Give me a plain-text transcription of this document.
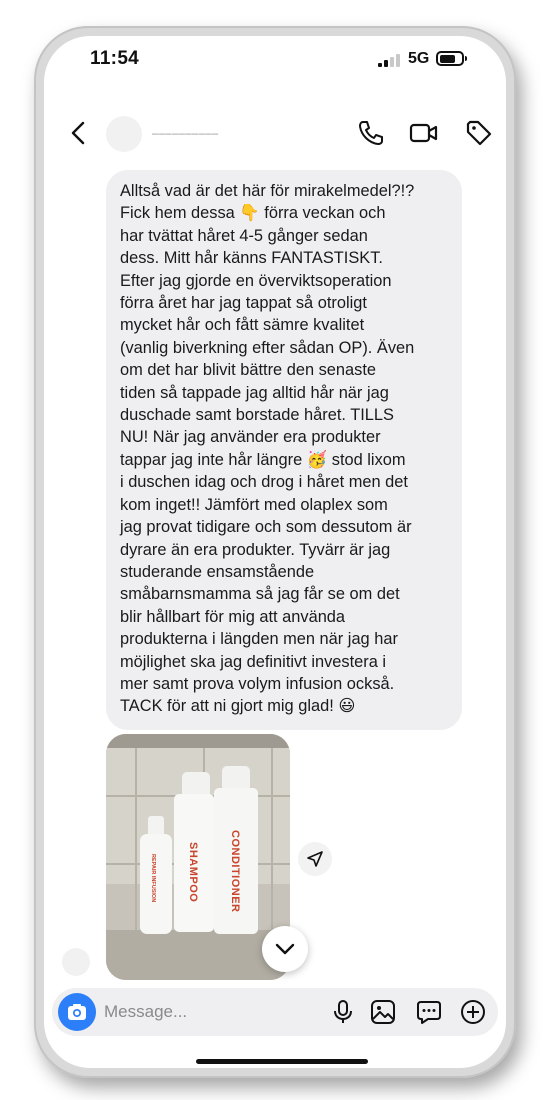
11:54	5G
▔▔▔▔▔▔▔▔▔▔
Alltså vad är det här för mirakelmedel?!?
Fick hem dessa 👇 förra veckan och
har tvättat håret 4-5 gånger sedan
dess. Mitt hår känns FANTASTISKT.
Efter jag gjorde en överviktsoperation
förra året har jag tappat så otroligt
mycket hår och fått sämre kvalitet
(vanlig biverkning efter sådan OP). Även
om det har blivit bättre den senaste
tiden så tappade jag alltid hår när jag
duschade samt borstade håret. TILLS
NU! När jag använder era produkter
tappar jag inte hår längre 🥳 stod lixom
i duschen idag och drog i håret men det
kom inget!! Jämfört med olaplex som
jag provat tidigare och som dessutom är
dyrare än era produkter. Tyvärr är jag
studerande ensamstående
småbarnsmamma så jag får se om det
blir hållbart för mig att använda
produkterna i längden men när jag har
möjlighet ska jag definitivt investera i
mer samt prova volym infusion också.
TACK för att ni gjort mig glad! 😃
REPAIR INFUSION	SHAMPOO	CONDITIONER
Message...
